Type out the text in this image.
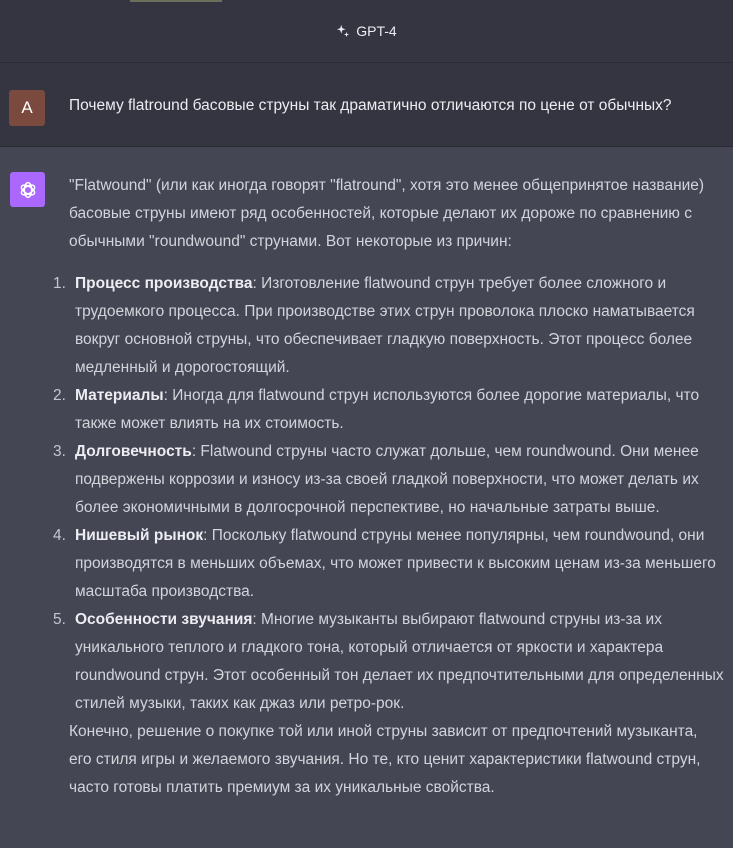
GPT-4
A	Почему flatround басовые струны так драматично отличаются по цене от обычных?

"Flatwound" (или как иногда говорят "flatround", хотя это менее общепринятое название) басовые струны имеют ряд особенностей, которые делают их дороже по сравнению с обычными "roundwound" струнами. Вот некоторые из причин:

1. Процесс производства: Изготовление flatwound струн требует более сложного и трудоемкого процесса. При производстве этих струн проволока плоско наматывается вокруг основной струны, что обеспечивает гладкую поверхность. Этот процесс более медленный и дорогостоящий.
2. Материалы: Иногда для flatwound струн используются более дорогие материалы, что также может влиять на их стоимость.
3. Долговечность: Flatwound струны часто служат дольше, чем roundwound. Они менее подвержены коррозии и износу из-за своей гладкой поверхности, что может делать их более экономичными в долгосрочной перспективе, но начальные затраты выше.
4. Нишевый рынок: Поскольку flatwound струны менее популярны, чем roundwound, они производятся в меньших объемах, что может привести к высоким ценам из-за меньшего масштаба производства.
5. Особенности звучания: Многие музыканты выбирают flatwound струны из-за их уникального теплого и гладкого тона, который отличается от яркости и характера roundwound струн. Этот особенный тон делает их предпочтительными для определенных стилей музыки, таких как джаз или ретро-рок.

Конечно, решение о покупке той или иной струны зависит от предпочтений музыканта, его стиля игры и желаемого звучания. Но те, кто ценит характеристики flatwound струн, часто готовы платить премиум за их уникальные свойства.
